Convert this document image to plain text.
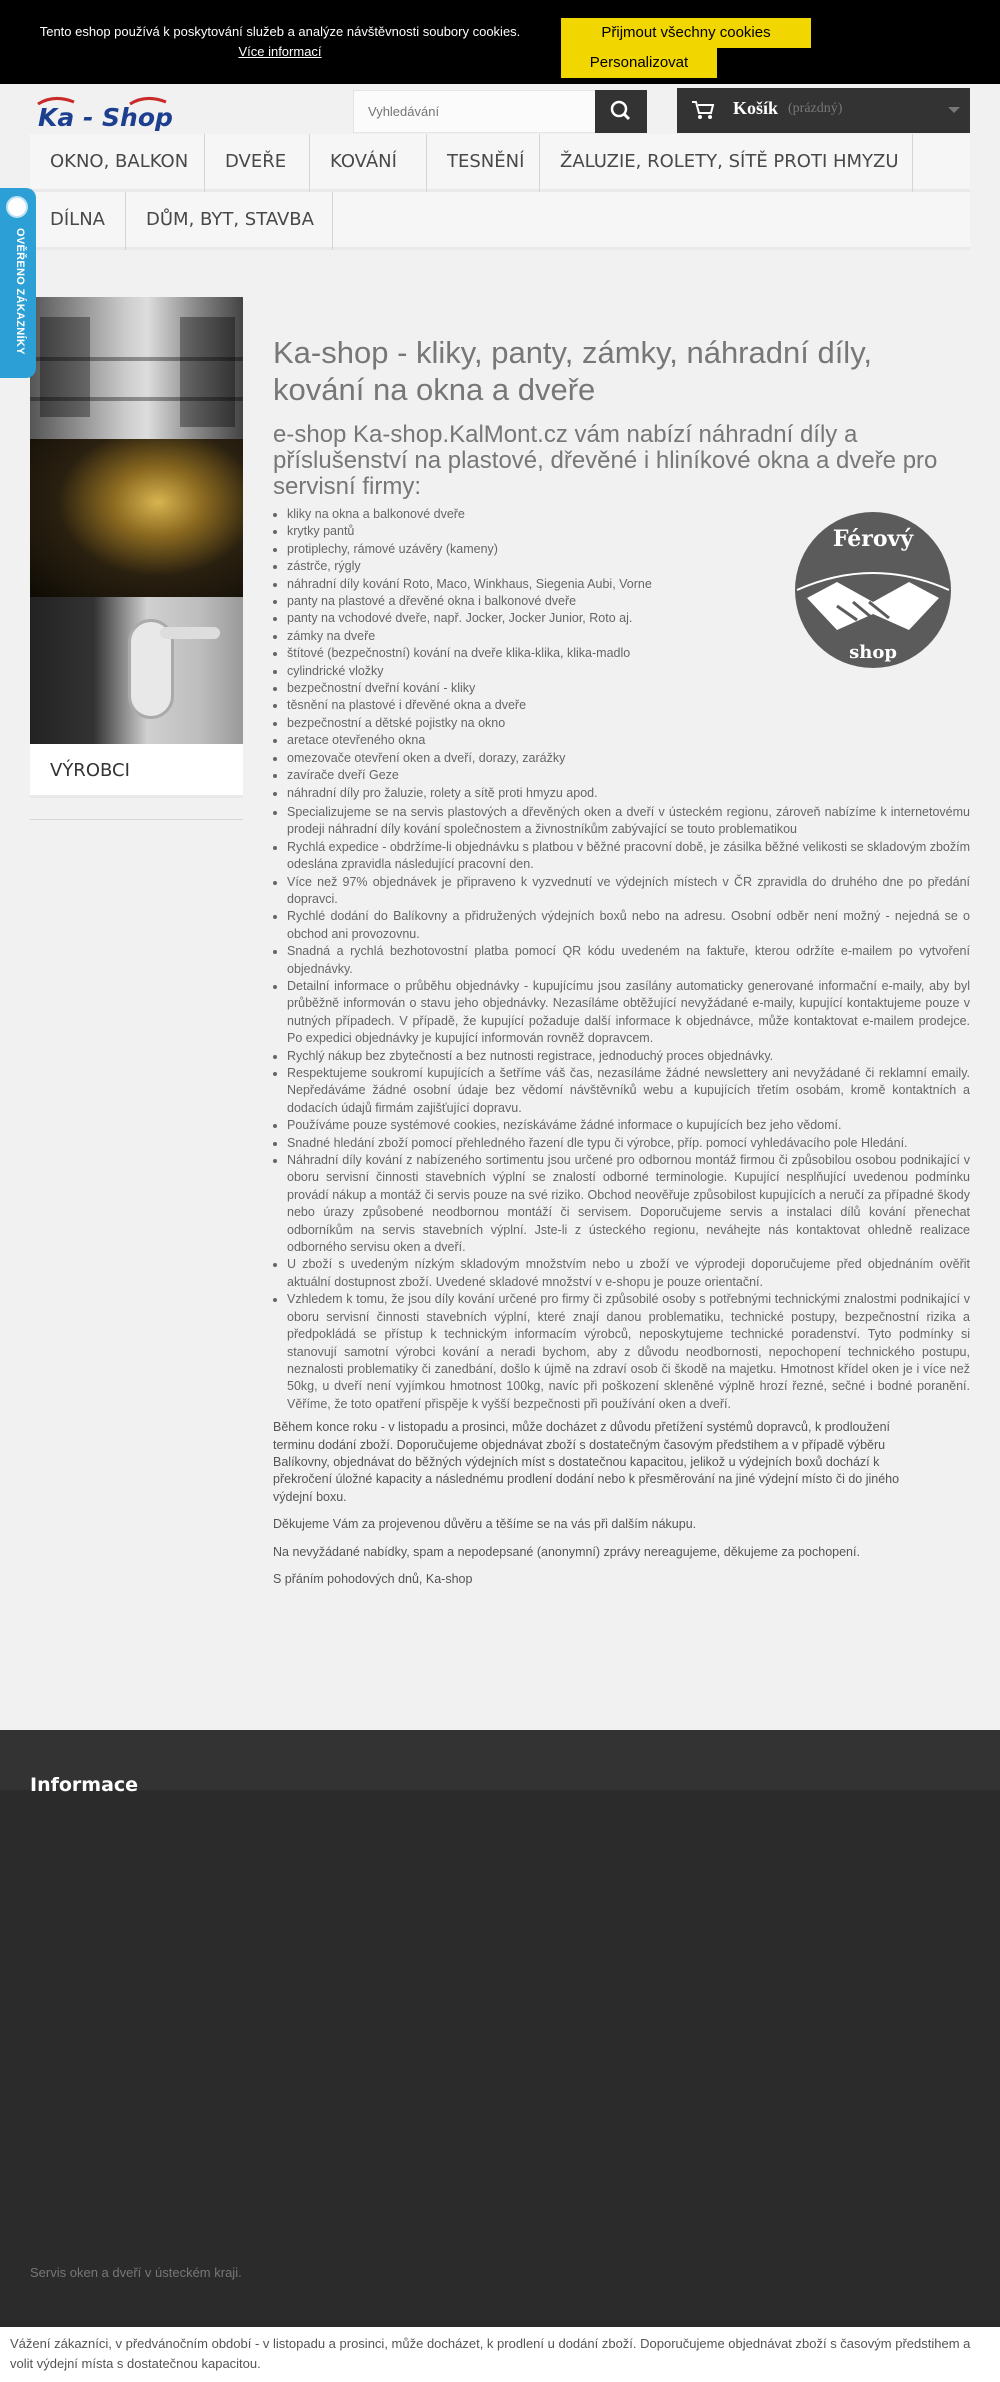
Tento eshop používá k poskytování služeb a analýze návštěvnosti soubory cookies.
Více informací
Přijmout všechny cookies
Personalizovat
Ka - Shop
Vyhledávání	Košík (prázdný)
OKNO, BALKON	DVEŘE	KOVÁNÍ	TESNĚNÍ	ŽALUZIE, ROLETY, SÍTĚ PROTI HMYZU
DÍLNA	DŮM, BYT, STAVBA
OVĚŘENO ZÁKAZNÍKY
VÝROBCI
Ka-shop - kliky, panty, zámky, náhradní díly, kování na okna a dveře
e-shop Ka-shop.KalMont.cz vám nabízí náhradní díly a příslušenství na plastové, dřevěné i hliníkové okna a dveře pro servisní firmy:
Férový
shop
• kliky na okna a balkonové dveře
• krytky pantů
• protiplechy, rámové uzávěry (kameny)
• zástrče, rýgly
• náhradní díly kování Roto, Maco, Winkhaus, Siegenia Aubi, Vorne
• panty na plastové a dřevěné okna i balkonové dveře
• panty na vchodové dveře, např. Jocker, Jocker Junior, Roto aj.
• zámky na dveře
• štítové (bezpečnostní) kování na dveře klika-klika, klika-madlo
• cylindrické vložky
• bezpečnostní dveřní kování - kliky
• těsnění na plastové i dřevěné okna a dveře
• bezpečnostní a dětské pojistky na okno
• aretace otevřeného okna
• omezovače otevření oken a dveří, dorazy, zarážky
• zavírače dveří Geze
• náhradní díly pro žaluzie, rolety a sítě proti hmyzu apod.
• Specializujeme se na servis plastových a dřevěných oken a dveří v ústeckém regionu, zároveň nabízíme k internetovému prodeji náhradní díly kování společnostem a živnostníkům zabývající se touto problematikou
• Rychlá expedice - obdržíme-li objednávku s platbou v běžné pracovní době, je zásilka běžné velikosti se skladovým zbožím odeslána zpravidla následující pracovní den.
• Více než 97% objednávek je připraveno k vyzvednutí ve výdejních místech v ČR zpravidla do druhého dne po předání dopravci.
• Rychlé dodání do Balíkovny a přidružených výdejních boxů nebo na adresu. Osobní odběr není možný - nejedná se o obchod ani provozovnu.
• Snadná a rychlá bezhotovostní platba pomocí QR kódu uvedeném na faktuře, kterou održíte e-mailem po vytvoření objednávky.
• Detailní informace o průběhu objednávky - kupujícímu jsou zasílány automaticky generované informační e-maily, aby byl průběžně informován o stavu jeho objednávky. Nezasíláme obtěžující nevyžádané e-maily, kupující kontaktujeme pouze v nutných případech. V případě, že kupující požaduje další informace k objednávce, může kontaktovat e-mailem prodejce. Po expedici objednávky je kupující informován rovněž dopravcem.
• Rychlý nákup bez zbytečností a bez nutnosti registrace, jednoduchý proces objednávky.
• Respektujeme soukromí kupujících a šetříme váš čas, nezasíláme žádné newslettery ani nevyžádané či reklamní emaily. Nepředáváme žádné osobní údaje bez vědomí návštěvníků webu a kupujících třetím osobám, kromě kontaktních a dodacích údajů firmám zajišťující dopravu.
• Používáme pouze systémové cookies, nezískáváme žádné informace o kupujících bez jeho vědomí.
• Snadné hledání zboží pomocí přehledného řazení dle typu či výrobce, příp. pomocí vyhledávacího pole Hledání.
• Náhradní díly kování z nabízeného sortimentu jsou určené pro odbornou montáž firmou či způsobilou osobou podnikající v oboru servisní činnosti stavebních výplní se znalostí odborné terminologie. Kupující nesplňující uvedenou podmínku provádí nákup a montáž či servis pouze na své riziko. Obchod neověřuje způsobilost kupujících a neručí za případné škody nebo úrazy způsobené neodbornou montáží či servisem. Doporučujeme servis a instalaci dílů kování přenechat odborníkům na servis stavebních výplní. Jste-li z ústeckého regionu, neváhejte nás kontaktovat ohledně realizace odborného servisu oken a dveří.
• U zboží s uvedeným nízkým skladovým množstvím nebo u zboží ve výprodeji doporučujeme před objednáním ověřit aktuální dostupnost zboží. Uvedené skladové množství v e-shopu je pouze orientační.
• Vzhledem k tomu, že jsou díly kování určené pro firmy či způsobilé osoby s potřebnými technickými znalostmi podnikající v oboru servisní činnosti stavebních výplní, které znají danou problematiku, technické postupy, bezpečnostní rizika a předpokládá se přístup k technickým informacím výrobců, neposkytujeme technické poradenství. Tyto podmínky si stanovují samotní výrobci kování a neradi bychom, aby z důvodu neodbornosti, nepochopení technického postupu, neznalosti problematiky či zanedbání, došlo k újmě na zdraví osob či škodě na majetku. Hmotnost křídel oken je i více než 50kg, u dveří není vyjímkou hmotnost 100kg, navíc při poškození skleněné výplně hrozí řezné, sečné i bodné poranění. Věříme, že toto opatření přispěje k vyšší bezpečnosti při používání oken a dveří.

Během konce roku - v listopadu a prosinci, může docházet z důvodu přetížení systémů dopravců, k prodloužení terminu dodání zboží. Doporučujeme objednávat zboží s dostatečným časovým předstihem a v případě výběru Balíkovny, objednávat do běžných výdejních míst s dostatečnou kapacitou, jelikož u výdejních boxů dochází k překročení úložné kapacity a následnému prodlení dodání nebo k přesměrování na jiné výdejní místo či do jiného výdejní boxu.

Děkujeme Vám za projevenou důvěru a těšíme se na vás při dalším nákupu.

Na nevyžádané nabídky, spam a nepodepsané (anonymní) zprávy nereagujeme, děkujeme za pochopení.

S přáním pohodových dnů, Ka-shop

Informace
Servis oken a dveří v ústeckém kraji.
Vážení zákazníci, v předvánočním období - v listopadu a prosinci, může docházet, k prodlení u dodání zboží. Doporučujeme objednávat zboží s časovým předstihem a volit výdejní místa s dostatečnou kapacitou.
